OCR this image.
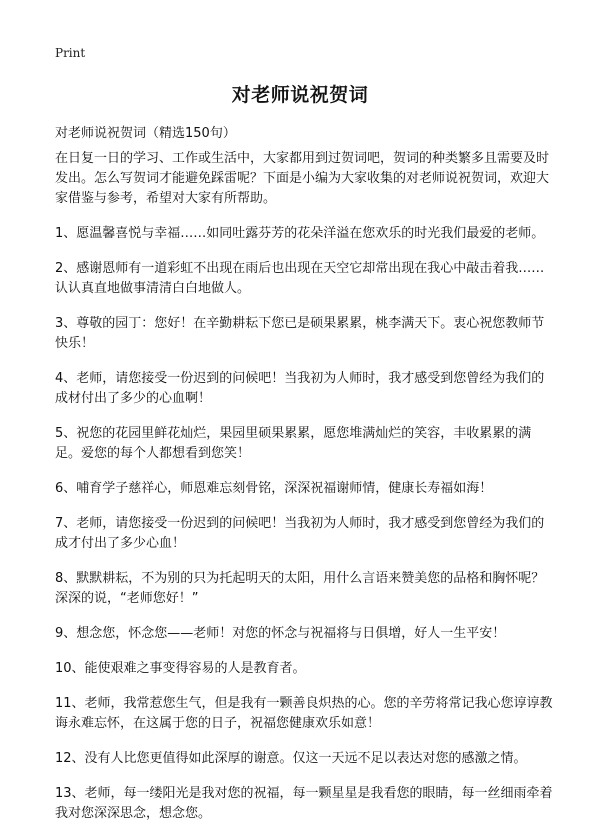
Print
对老师说祝贺词
对老师说祝贺词（精选150句）

在日复一日的学习、工作或生活中，大家都用到过贺词吧，贺词的种类繁多且需要及时发出。怎么写贺词才能避免踩雷呢？下面是小编为大家收集的对老师说祝贺词，欢迎大家借鉴与参考，希望对大家有所帮助。

1、愿温馨喜悦与幸福……如同吐露芬芳的花朵洋溢在您欢乐的时光我们最爱的老师。

2、感谢恩师有一道彩虹不出现在雨后也出现在天空它却常出现在我心中敲击着我……认认真直地做事清清白白地做人。

3、尊敬的园丁：您好！在辛勤耕耘下您已是硕果累累，桃李满天下。衷心祝您教师节快乐！

4、老师，请您接受一份迟到的问候吧！当我初为人师时，我才感受到您曾经为我们的成材付出了多少的心血啊！

5、祝您的花园里鲜花灿烂，果园里硕果累累，愿您堆满灿烂的笑容，丰收累累的满足。爱您的每个人都想看到您笑！

6、哺育学子慈祥心，师恩难忘刻骨铭，深深祝福谢师情，健康长寿福如海！

7、老师，请您接受一份迟到的问候吧！当我初为人师时，我才感受到您曾经为我们的成才付出了多少心血！

8、默默耕耘，不为别的只为托起明天的太阳，用什么言语来赞美您的品格和胸怀呢？深深的说，“老师您好！”

9、想念您，怀念您——老师！对您的怀念与祝福将与日俱增，好人一生平安！

10、能使艰难之事变得容易的人是教育者。

11、老师，我常惹您生气，但是我有一颗善良炽热的心。您的辛劳将常记我心您谆谆教诲永难忘怀，在这属于您的日子，祝福您健康欢乐如意！

12、没有人比您更值得如此深厚的谢意。仅这一天远不足以表达对您的感激之情。

13、老师，每一缕阳光是我对您的祝福，每一颗星星是我看您的眼睛，每一丝细雨牵着我对您深深思念，想念您。
